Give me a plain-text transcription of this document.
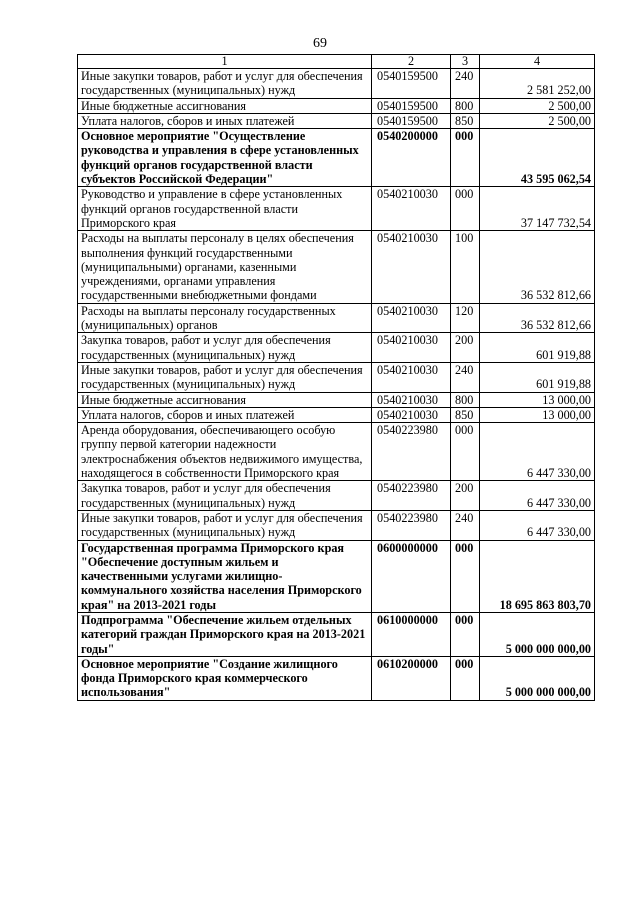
69
1	2	3	4
Иные закупки товаров, работ и услуг для обеспечения государственных (муниципальных) нужд	0540159500	240	2 581 252,00
Иные бюджетные ассигнования	0540159500	800	2 500,00
Уплата налогов, сборов и иных платежей	0540159500	850	2 500,00
Основное мероприятие "Осуществление руководства и управления в сфере установленных функций органов государственной власти субъектов Российской Федерации"	0540200000	000	43 595 062,54
Руководство и управление в сфере установленных функций органов государственной власти Приморского края	0540210030	000	37 147 732,54
Расходы на выплаты персоналу в целях обеспечения выполнения функций государственными (муниципальными) органами, казенными учреждениями, органами управления государственными внебюджетными фондами	0540210030	100	36 532 812,66
Расходы на выплаты персоналу государственных (муниципальных) органов	0540210030	120	36 532 812,66
Закупка товаров, работ и услуг для обеспечения государственных (муниципальных) нужд	0540210030	200	601 919,88
Иные закупки товаров, работ и услуг для обеспечения государственных (муниципальных) нужд	0540210030	240	601 919,88
Иные бюджетные ассигнования	0540210030	800	13 000,00
Уплата налогов, сборов и иных платежей	0540210030	850	13 000,00
Аренда оборудования, обеспечивающего особую группу первой категории надежности электроснабжения объектов недвижимого имущества, находящегося в собственности Приморского края	0540223980	000	6 447 330,00
Закупка товаров, работ и услуг для обеспечения государственных (муниципальных) нужд	0540223980	200	6 447 330,00
Иные закупки товаров, работ и услуг для обеспечения государственных (муниципальных) нужд	0540223980	240	6 447 330,00
Государственная программа Приморского края "Обеспечение доступным жильем и качественными услугами жилищно-коммунального хозяйства населения Приморского края" на 2013-2021 годы	0600000000	000	18 695 863 803,70
Подпрограмма "Обеспечение жильем отдельных категорий граждан Приморского края на 2013-2021 годы"	0610000000	000	5 000 000 000,00
Основное мероприятие "Создание жилищного фонда Приморского края коммерческого использования"	0610200000	000	5 000 000 000,00
